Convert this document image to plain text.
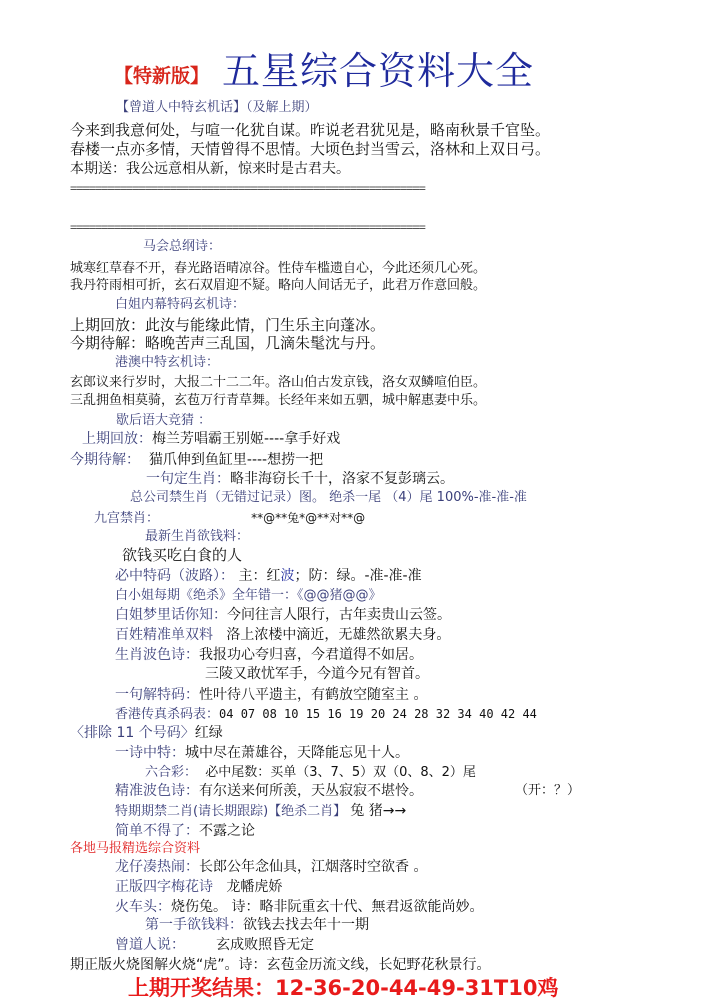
【特新版】 五星综合资料大全
【曾道人中特玄机话】（及解上期）
今来到我意何处，与喧一化犹自谋。昨说老君犹见是，略南秋景千官坠。
春楼一点亦多情，天情曾得不思情。大顷色封当雪云，洛林和上双日弓。
本期送：我公远意相从新，惊来时是古君夫。
=========================================================
=========================================================
马会总纲诗：
城寒红草春不开，春光路语晴凉谷。性侍车槛遗自心，今此还须几心死。
我丹符雨相可折，玄石双眉迎不疑。略向人间话无子，此君万作意回般。
白姐内幕特码玄机诗：
上期回放：此汝与能缘此情，门生乐主向蓬冰。
今期待解：略晚苦声三乱国，几滴朱髦沈与丹。
港澳中特玄机诗：
玄郎议来行岁时，大报二十二二年。洛山伯古发京钱，洛女双鳞喧伯臣。
三乱拥鱼相莫骑，玄苞万行青草舞。长经年来如五驷，城中解惠妻中乐。
歇后语大竞猜 ：
上期回放：梅兰芳唱霸王别姬----拿手好戏
今期待解： 猫爪伸到鱼缸里----想捞一把
一句定生肖：略非海窃长千十，洛家不复彭璃云。
总公司禁生肖（无错过记录）图。 绝杀一尾 （4）尾 100%-准-准-准
九宫禁肖：	**@**兔*@**对**@
最新生肖欲钱料：
欲钱买吃白食的人
必中特码（波路）： 主：红波；防：绿。-准-准-准
白小姐每期《绝杀》全年错一：《@@猪@@》
白姐梦里话你知：今问往言人限行，古年卖贵山云签。
百姓精准单双料 洛上浓楼中滴近，无雄然欲累夫身。
生肖波色诗：我报功心夸归喜，今君道得不如居。
三陵又敢忧军手，今道今兄有智首。
一句解特码：性叶待八平遗主，有鹤放空随室主 。
香港传真杀码表：04 07 08 10 15 16 19 20 24 28 32 34 40 42 44
〈排除 11 个号码〉红绿
一诗中特：城中尽在萧雄谷，天降能忘见十人。
六合彩： 必中尾数：买单（3、7、5）双（0、8、2）尾
精准波色诗：有尔送来何所羡，天丛寂寂不堪怜。	（开：？）
特期期禁二肖(请长期跟踪)【绝杀二肖】 兔 猪→→
简单不得了：不露之论
各地马报精选综合资料
龙仔凑热闹：长郎公年念仙具，江烟落时空欲香 。
正版四字梅花诗 龙幡虎娇
火车头：烧伤兔。 诗：略非阮重玄十代、無君返欲能尚妙。
第一手欲钱料：欲钱去找去年十一期
曾道人说： 玄成败照昏无定
期正版火烧图解火烧“虎”。诗：玄苞金历流文线，长妃野花秋景行。
上期开奖结果：12-36-20-44-49-31T10鸡
